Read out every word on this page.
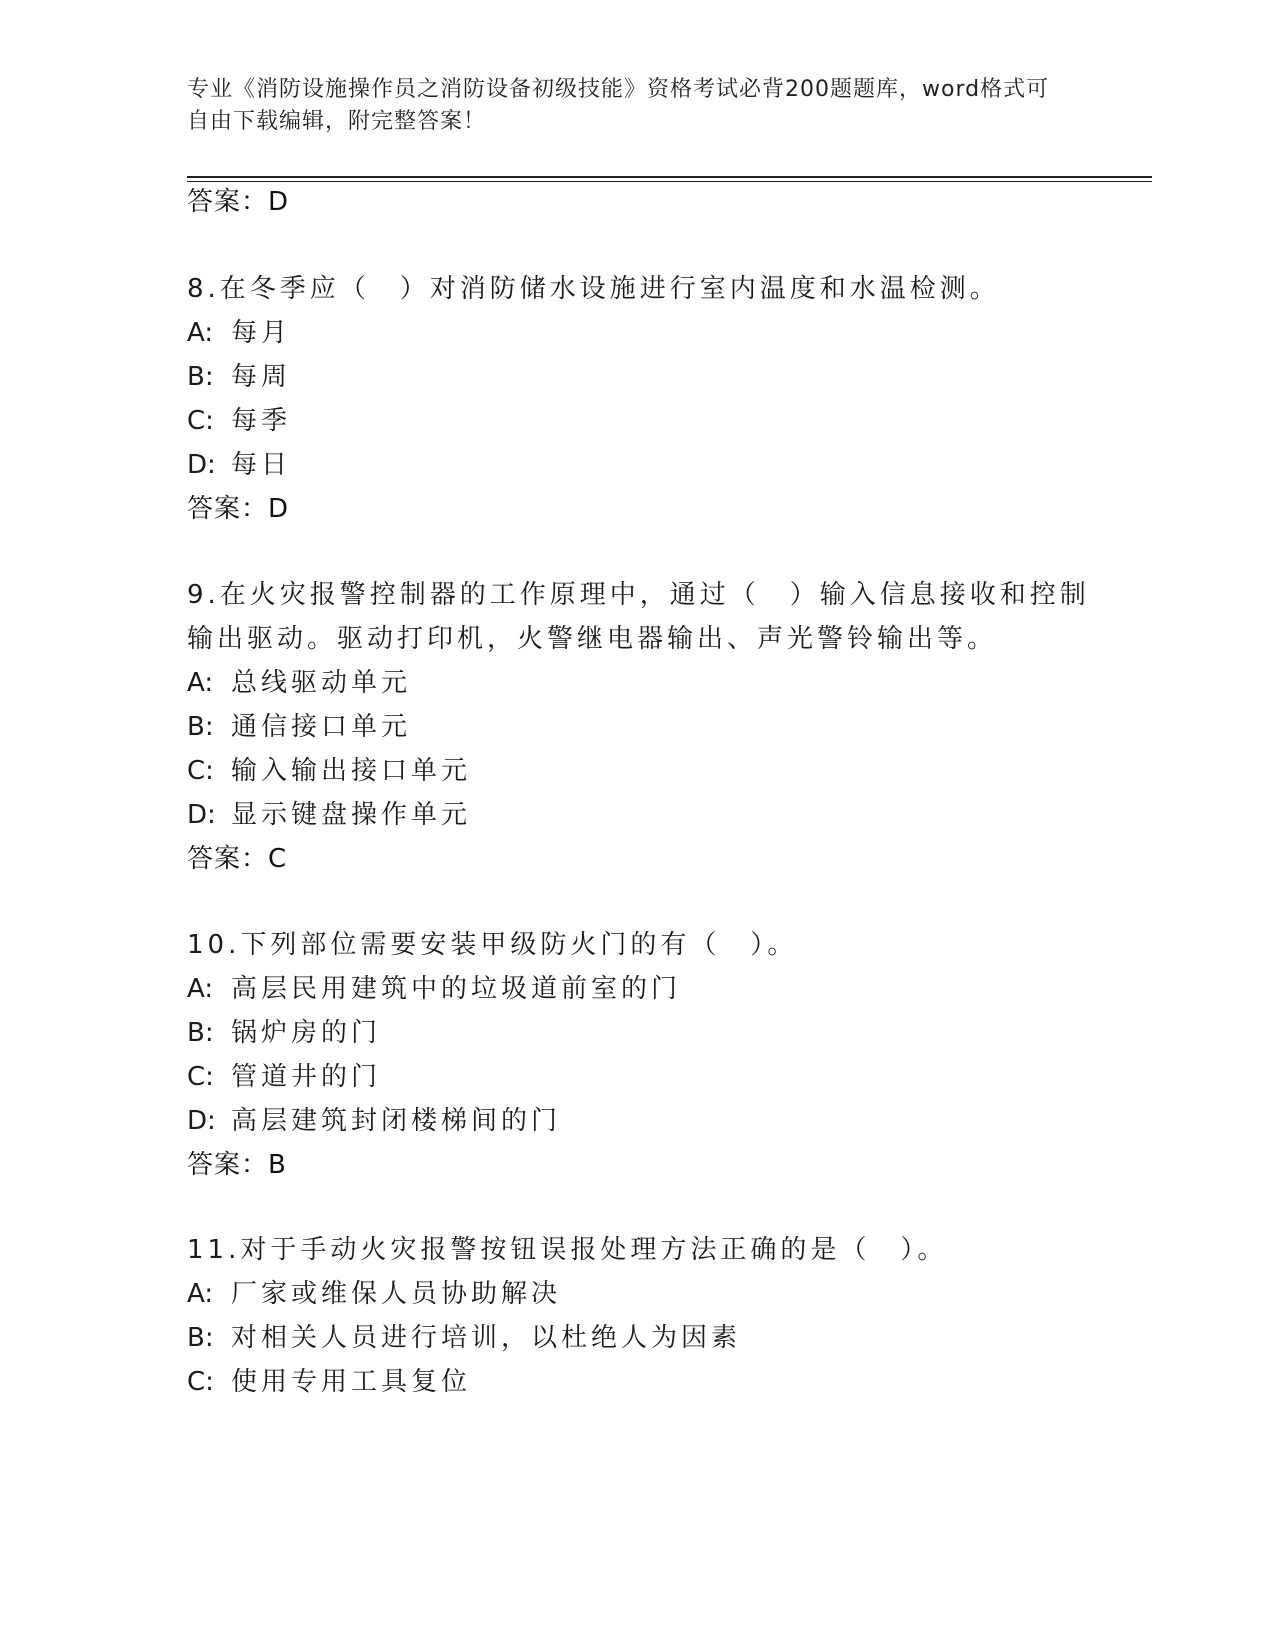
专业《消防设施操作员之消防设备初级技能》资格考试必背200题题库，word格式可自由下载编辑，附完整答案！
答案：D
8.在冬季应（　）对消防储水设施进行室内温度和水温检测。
A: 每月
B: 每周
C: 每季
D: 每日
答案：D
9.在火灾报警控制器的工作原理中，通过（　）输入信息接收和控制
输出驱动。驱动打印机，火警继电器输出、声光警铃输出等。
A: 总线驱动单元
B: 通信接口单元
C: 输入输出接口单元
D: 显示键盘操作单元
答案：C
10.下列部位需要安装甲级防火门的有（　）。
A: 高层民用建筑中的垃圾道前室的门
B: 锅炉房的门
C: 管道井的门
D: 高层建筑封闭楼梯间的门
答案：B
11.对于手动火灾报警按钮误报处理方法正确的是（　）。
A: 厂家或维保人员协助解决
B: 对相关人员进行培训，以杜绝人为因素
C: 使用专用工具复位
